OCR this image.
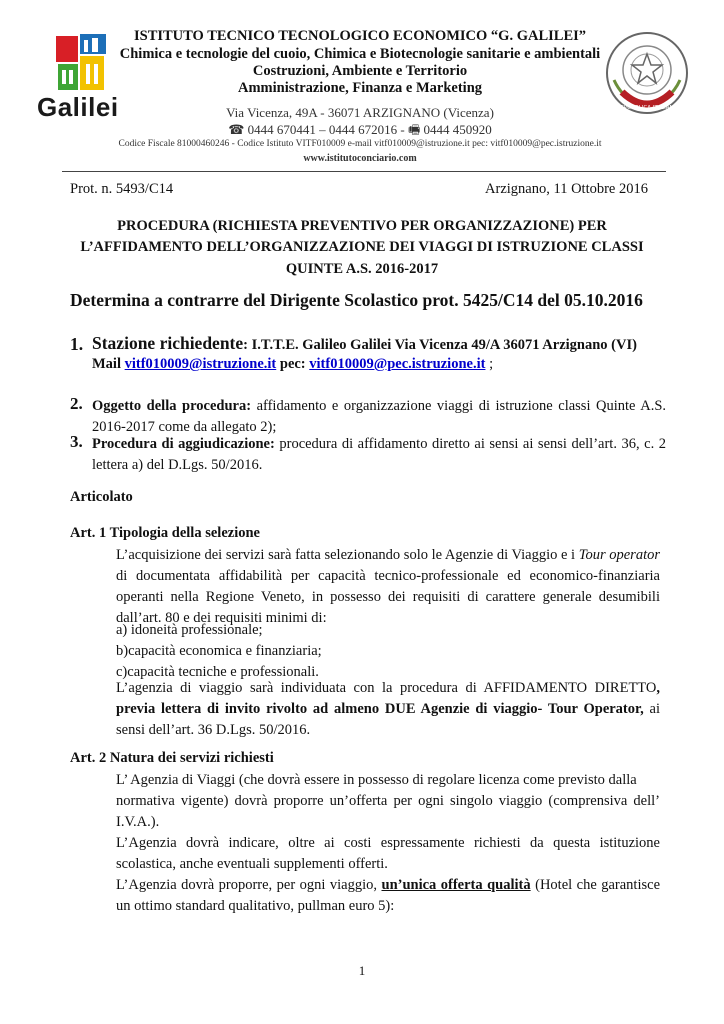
Galilei
ISTITUTO TECNICO TECNOLOGICO ECONOMICO “G. GALILEI”
Chimica e tecnologie del cuoio, Chimica e Biotecnologie sanitarie e ambientali
Costruzioni, Ambiente e Territorio
Amministrazione, Finanza e Marketing
Via Vicenza, 49A - 36071 ARZIGNANO (Vicenza)
☎ 0444 670441 – 0444 672016 - 🖷 0444 450920
Codice Fiscale 81000460246 - Codice Istituto VITF010009 e-mail vitf010009@istruzione.it pec: vitf010009@pec.istruzione.it
www.istitutoconciario.com
REPUBBLICA ITALIANA
Prot. n. 5493/C14	Arzignano, 11 Ottobre 2016
PROCEDURA (RICHIESTA PREVENTIVO PER ORGANIZZAZIONE) PER
L’AFFIDAMENTO DELL’ORGANIZZAZIONE DEI VIAGGI DI ISTRUZIONE CLASSI
QUINTE A.S. 2016-2017
Determina a contrarre del Dirigente Scolastico prot. 5425/C14 del 05.10.2016
1. Stazione richiedente: I.T.T.E. Galileo Galilei Via Vicenza 49/A 36071 Arzignano (VI)
Mail vitf010009@istruzione.it pec: vitf010009@pec.istruzione.it ;
2. Oggetto della procedura: affidamento e organizzazione viaggi di istruzione classi Quinte A.S. 2016-2017 come da allegato 2);
3. Procedura di aggiudicazione: procedura di affidamento diretto ai sensi ai sensi dell’art. 36, c. 2 lettera a) del D.Lgs. 50/2016.
Articolato
Art. 1 Tipologia della selezione
L’acquisizione dei servizi sarà fatta selezionando solo le Agenzie di Viaggio e i Tour operator di documentata affidabilità per capacità tecnico-professionale ed economico-finanziaria operanti nella Regione Veneto, in possesso dei requisiti di carattere generale desumibili dall’art. 80 e dei requisiti minimi di:
a) idoneità professionale;
b)capacità economica e finanziaria;
c)capacità tecniche e professionali.
L’agenzia di viaggio sarà individuata con la procedura di AFFIDAMENTO DIRETTO, previa lettera di invito rivolto ad almeno DUE Agenzie di viaggio- Tour Operator, ai sensi dell’art. 36 D.Lgs. 50/2016.
Art. 2 Natura dei servizi richiesti
L’ Agenzia di Viaggi (che dovrà essere in possesso di regolare licenza come previsto dalla
normativa vigente) dovrà proporre un’offerta per ogni singolo viaggio (comprensiva dell’ I.V.A.).
L’Agenzia dovrà indicare, oltre ai costi espressamente richiesti da questa istituzione scolastica, anche eventuali supplementi offerti.
L’Agenzia dovrà proporre, per ogni viaggio, un’unica offerta qualità (Hotel che garantisce un ottimo standard qualitativo, pullman euro 5):
1
